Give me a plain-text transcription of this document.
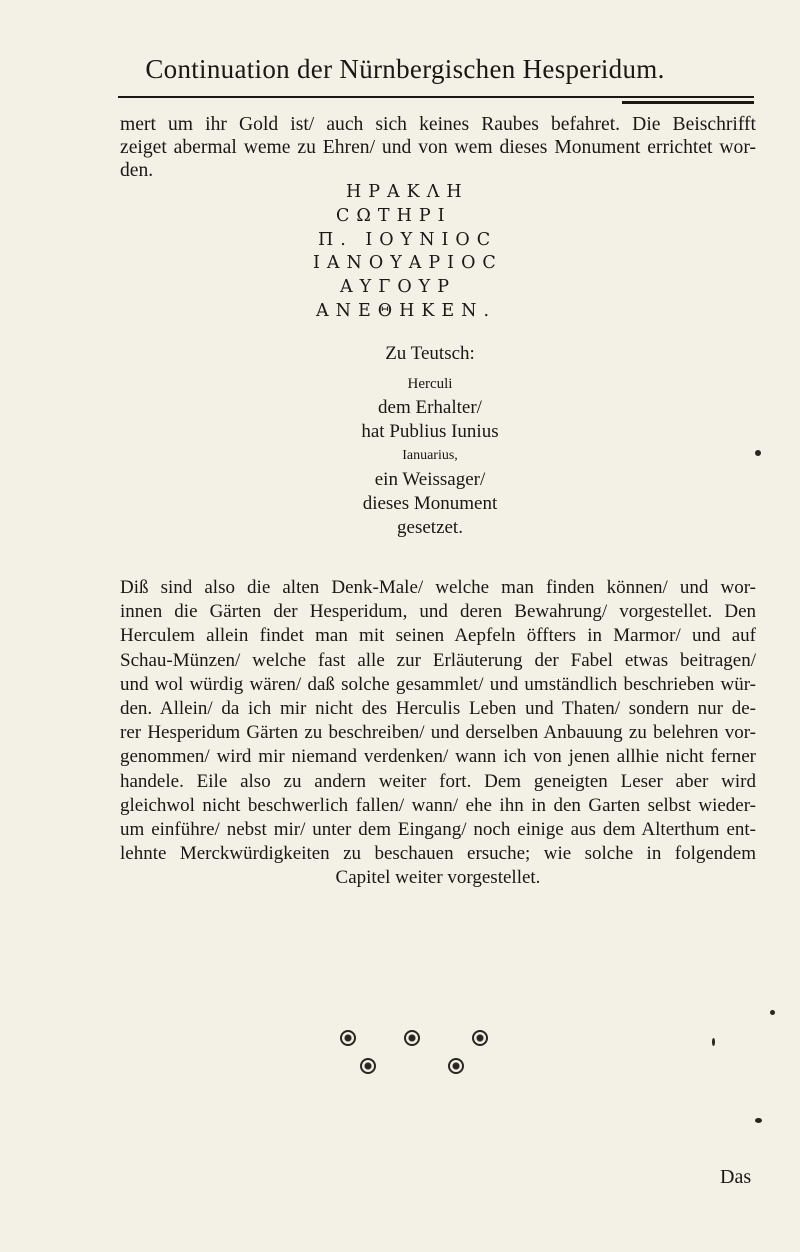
Continuation der Nürnbergischen Hesperidum.
mert um ihr Gold ist/ auch sich keines Raubes befahret. Die Beischrifft
zeiget abermal weme zu Ehren/ und von wem dieses Monument errichtet wor-
den.
ΗΡΑΚΛΗ
CΩΤΗΡΙ
Π. ΙΟΥΝΙΟC
ΙΑΝΟΥΑΡΙΟC
ΑΥΓΟΥΡ
ΑΝΕΘΗΚΕΝ.
Zu Teutsch:
Herculi
dem Erhalter/
hat Publius Iunius
Ianuarius,
ein Weissager/
dieses Monument
gesetzet.
Diß sind also die alten Denk-Male/ welche man finden können/ und wor-
innen die Gärten der Hesperidum, und deren Bewahrung/ vorgestellet. Den
Herculem allein findet man mit seinen Aepfeln öffters in Marmor/ und auf
Schau-Münzen/ welche fast alle zur Erläuterung der Fabel etwas beitragen/
und wol würdig wären/ daß solche gesammlet/ und umständlich beschrieben wür-
den. Allein/ da ich mir nicht des Herculis Leben und Thaten/ sondern nur de-
rer Hesperidum Gärten zu beschreiben/ und derselben Anbauung zu belehren vor-
genommen/ wird mir niemand verdenken/ wann ich von jenen allhie nicht ferner
handele. Eile also zu andern weiter fort. Dem geneigten Leser aber wird
gleichwol nicht beschwerlich fallen/ wann/ ehe ihn in den Garten selbst wieder-
um einführe/ nebst mir/ unter dem Eingang/ noch einige aus dem Alterthum ent-
lehnte Merckwürdigkeiten zu beschauen ersuche; wie solche in folgendem
Capitel weiter vorgestellet.
Das
